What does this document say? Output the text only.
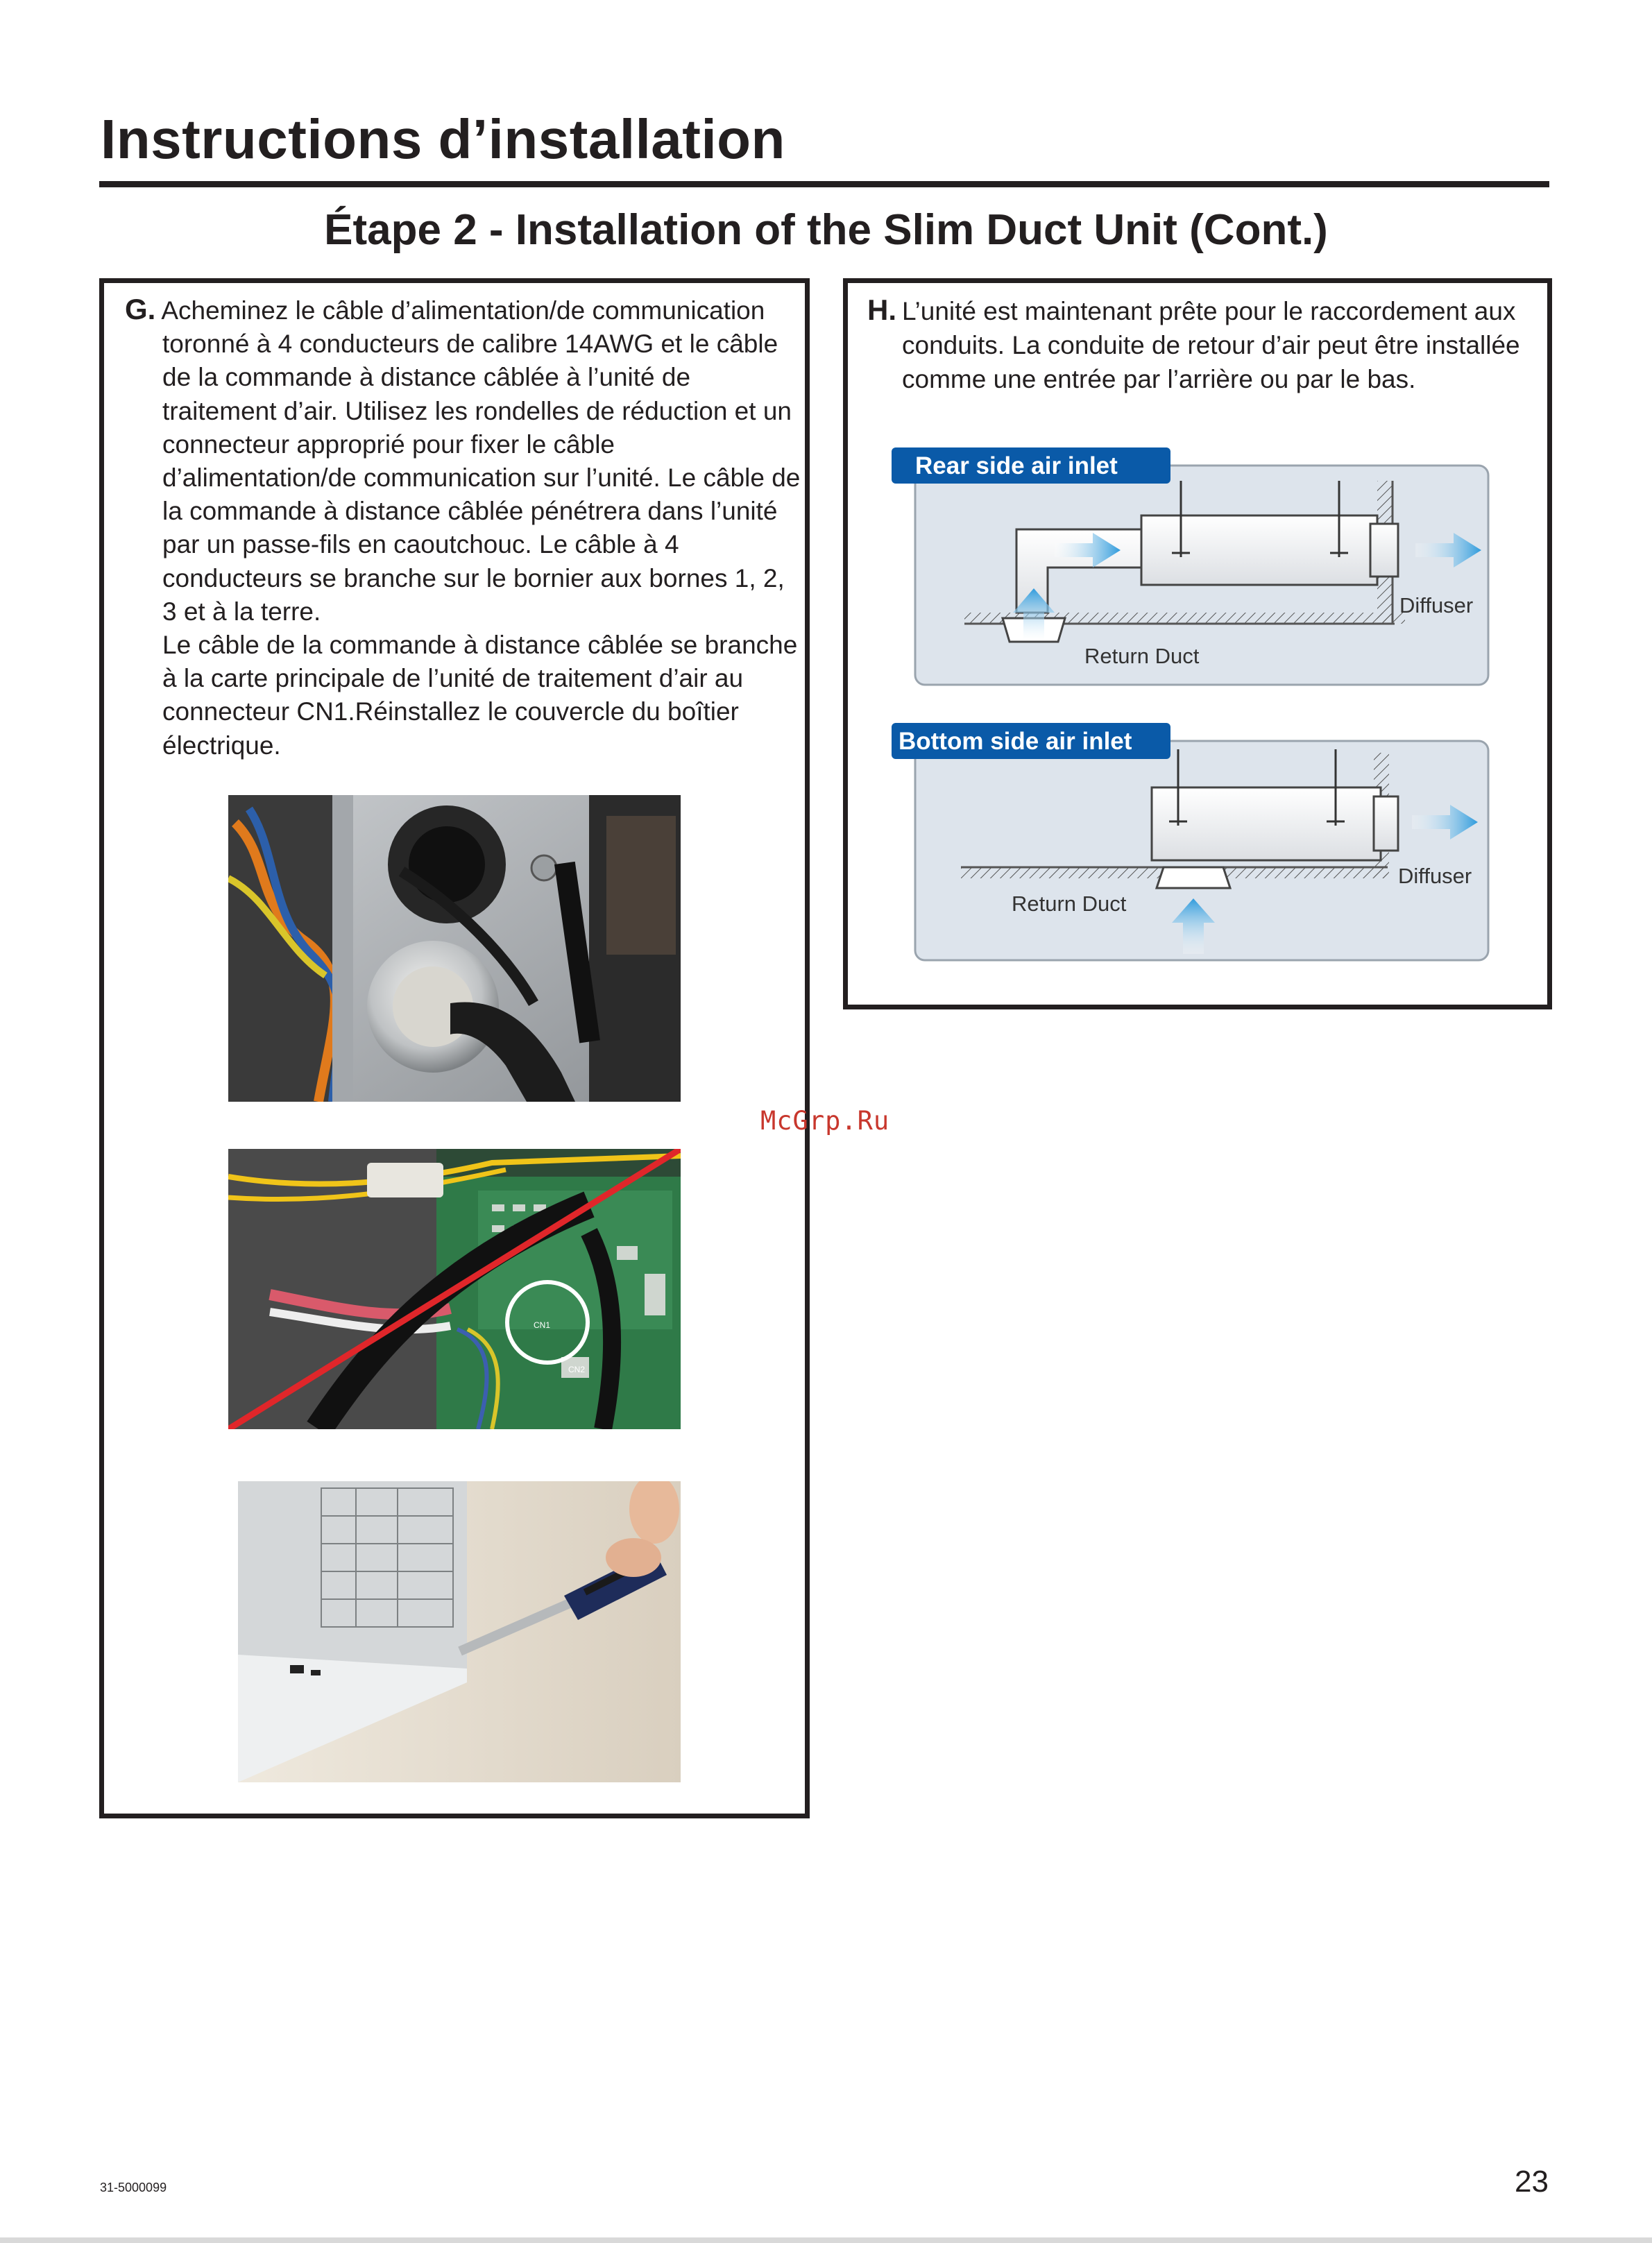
Instructions d’installation
Étape 2 - Installation of the Slim Duct Unit (Cont.)
G. Acheminez le câble d’alimentation/de communication toronné à 4 conducteurs de calibre 14AWG et le câble de la commande à distance câblée à l’unité de traitement d’air. Utilisez les rondelles de réduction et un connecteur approprié pour fixer le câble d’alimentation/de communication sur l’unité. Le câble de la commande à distance câblée pénétrera dans l’unité par un passe-fils en caoutchouc. Le câble à 4 conducteurs se branche sur le bornier aux bornes 1, 2, 3 et à la terre.
Le câble de la commande à distance câblée se branche à la carte principale de l’unité de traitement d’air au connecteur CN1.Réinstallez le couvercle du boîtier électrique.
CN1
CN2
H. L’unité est maintenant prête pour le raccordement aux conduits. La conduite de retour d’air peut être installée comme une entrée par l’arrière ou par le bas.
Rear side air inlet
Diffuser
Return Duct
Bottom side air inlet
Diffuser
Return Duct
McGrp.Ru
31-5000099	23
